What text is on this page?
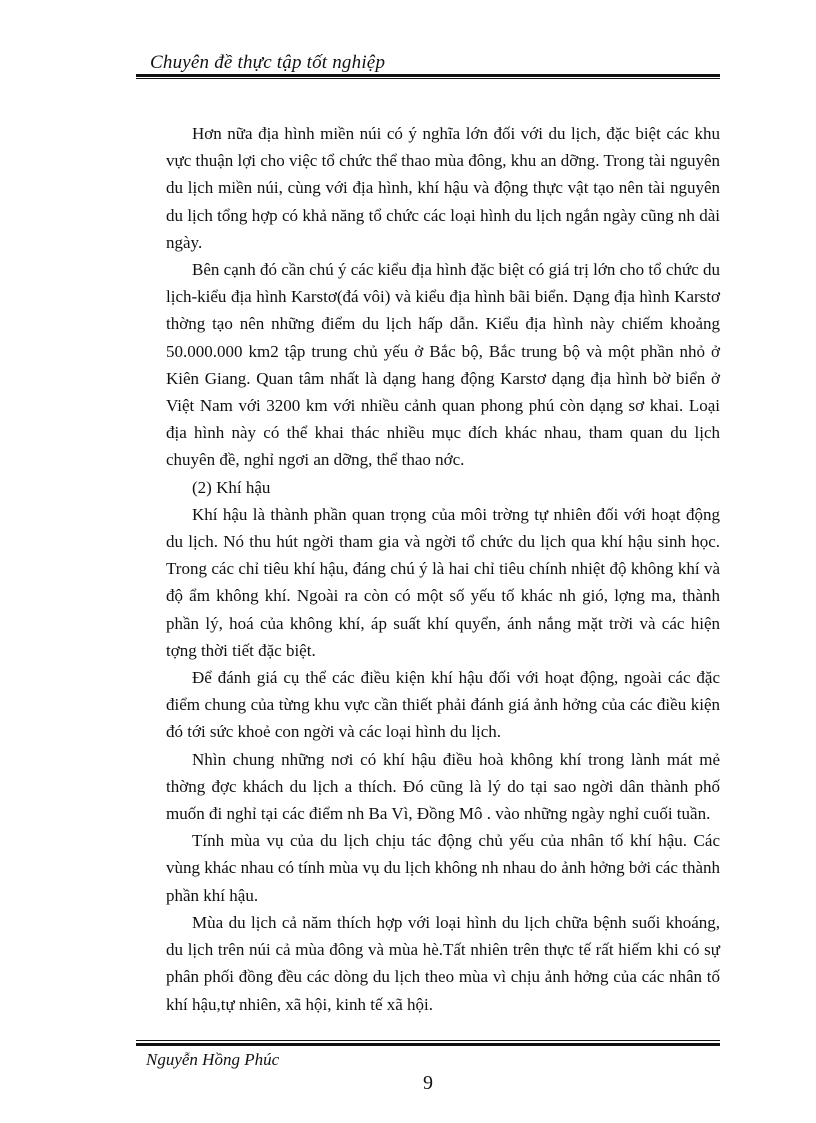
Chuyên đề thực tập tốt nghiệp

Hơn nữa địa hình miền núi có ý nghĩa lớn đối với du lịch, đặc biệt các khu vực thuận lợi cho việc tổ chức thể thao mùa đông, khu an dỡng. Trong tài nguyên du lịch miền núi, cùng với địa hình, khí hậu và động thực vật tạo nên tài nguyên du lịch tổng hợp có khả năng tổ chức các loại hình du lịch ngắn ngày cũng nh dài ngày.

Bên cạnh đó cần chú ý các kiểu địa hình đặc biệt có giá trị lớn cho tổ chức du lịch-kiểu địa hình Karstơ(đá vôi) và kiểu địa hình bãi biển. Dạng địa hình Karstơ thờng tạo nên những điểm du lịch hấp dẫn. Kiểu địa hình này chiếm khoảng 50.000.000 km2 tập trung chủ yếu ở Bắc bộ, Bắc trung bộ và một phần nhỏ ở Kiên Giang. Quan tâm nhất là dạng hang động Karstơ dạng địa hình bờ biển ở Việt Nam với 3200 km với nhiều cảnh quan phong phú còn dạng sơ khai. Loại địa hình này có thể khai thác nhiều mục đích khác nhau, tham quan du lịch chuyên đề, nghỉ ngơi an dỡng, thể thao nớc.

(2) Khí hậu

Khí hậu là thành phần quan trọng của môi trờng tự nhiên đối với hoạt động du lịch. Nó thu hút ngời tham gia và ngời tổ chức du lịch qua khí hậu sinh học. Trong các chỉ tiêu khí hậu, đáng chú ý là hai chỉ tiêu chính nhiệt độ không khí và độ ẩm không khí. Ngoài ra còn có một số yếu tố khác nh gió, lợng ma, thành phần lý, hoá của không khí, áp suất khí quyển, ánh nắng mặt trời và các hiện tợng thời tiết đặc biệt.

Để đánh giá cụ thể các điều kiện khí hậu đối với hoạt động, ngoài các đặc điểm chung của từng khu vực cần thiết phải đánh giá ảnh hởng của các điều kiện đó tới sức khoẻ con ngời và các loại hình du lịch.

Nhìn chung những nơi có khí hậu điều hoà không khí trong lành mát mẻ thờng đợc khách du lịch a thích. Đó cũng là lý do tại sao ngời dân thành phố muốn đi nghỉ tại các điểm nh Ba Vì, Đồng Mô . vào những ngày nghỉ cuối tuần.

Tính mùa vụ của du lịch chịu tác động chủ yếu của nhân tố khí hậu. Các vùng khác nhau có tính mùa vụ du lịch không nh nhau do ảnh hởng bởi các thành phần khí hậu.

Mùa du lịch cả năm thích hợp với loại hình du lịch chữa bệnh suối khoáng, du lịch trên núi cả mùa đông và mùa hè.Tất nhiên trên thực tế rất hiếm khi có sự phân phối đồng đều các dòng du lịch theo mùa vì chịu ảnh hởng của các nhân tố khí hậu,tự nhiên, xã hội, kinh tế xã hội.

Nguyễn Hồng Phúc
9
